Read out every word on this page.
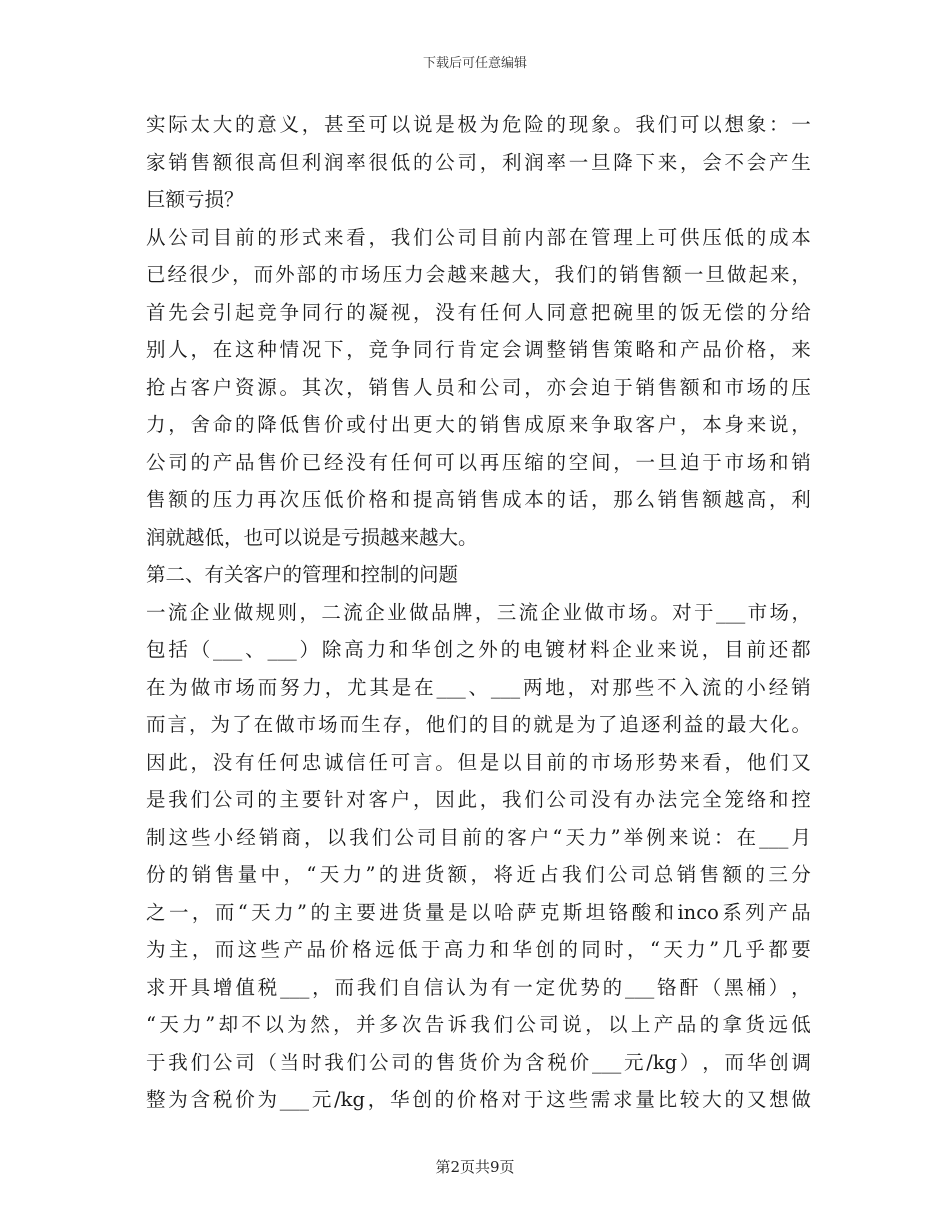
下载后可任意编辑
实 际 太 大 的 意 义 ， 甚 至 可 以 说 是 极 为 危 险 的 现 象 。 我 们 可 以 想 象 ： 一
家 销 售 额 很 高 但 利 润 率 很 低 的 公 司 ， 利 润 率 一 旦 降 下 来 ， 会 不 会 产 生
巨额亏损？
从 公 司 目 前 的 形 式 来 看 ， 我 们 公 司 目 前 内 部 在 管 理 上 可 供 压 低 的 成 本
已 经 很 少 ， 而 外 部 的 市 场 压 力 会 越 来 越 大 ， 我 们 的 销 售 额 一 旦 做 起 来 ，
首 先 会 引 起 竞 争 同 行 的 凝 视 ， 没 有 任 何 人 同 意 把 碗 里 的 饭 无 偿 的 分 给
别 人 ， 在 这 种 情 况 下 ， 竞 争 同 行 肯 定 会 调 整 销 售 策 略 和 产 品 价 格 ， 来
抢 占 客 户 资 源 。 其 次 ， 销 售 人 员 和 公 司 ， 亦 会 迫 于 销 售 额 和 市 场 的 压
力 ， 舍 命 的 降 低 售 价 或 付 出 更 大 的 销 售 成 原 来 争 取 客 户 ， 本 身 来 说 ，
公 司 的 产 品 售 价 已 经 没 有 任 何 可 以 再 压 缩 的 空 间 ， 一 旦 迫 于 市 场 和 销
售 额 的 压 力 再 次 压 低 价 格 和 提 高 销 售 成 本 的 话 ， 那 么 销 售 额 越 高 ， 利
润就越低，也可以说是亏损越来越大。
第二、有关客户的管理和控制的问题
一 流 企 业 做 规 则 ， 二 流 企 业 做 品 牌 ， 三 流 企 业 做 市 场 。 对 于 ___ 市 场 ，
包 括 （ ___ 、 ___ ） 除 高 力 和 华 创 之 外 的 电 镀 材 料 企 业 来 说 ， 目 前 还 都
在 为 做 市 场 而 努 力 ， 尤 其 是 在 ___ 、 ___ 两 地 ， 对 那 些 不 入 流 的 小 经 销
而 言 ， 为 了 在 做 市 场 而 生 存 ， 他 们 的 目 的 就 是 为 了 追 逐 利 益 的 最 大 化 。
因 此 ， 没 有 任 何 忠 诚 信 任 可 言 。 但 是 以 目 前 的 市 场 形 势 来 看 ， 他 们 又
是 我 们 公 司 的 主 要 针 对 客 户 ， 因 此 ， 我 们 公 司 没 有 办 法 完 全 笼 络 和 控
制 这 些 小 经 销 商 ， 以 我 们 公 司 目 前 的 客 户 “ 天 力 ” 举 例 来 说 ： 在 ___ 月
份 的 销 售 量 中 ， “ 天 力 ” 的 进 货 额 ， 将 近 占 我 们 公 司 总 销 售 额 的 三 分
之 一 ， 而 “ 天 力 ” 的 主 要 进 货 量 是 以 哈 萨 克 斯 坦 铬 酸 和 inco 系 列 产 品
为 主 ， 而 这 些 产 品 价 格 远 低 于 高 力 和 华 创 的 同 时 ， “ 天 力 ” 几 乎 都 要
求 开 具 增 值 税 ___ ， 而 我 们 自 信 认 为 有 一 定 优 势 的 ___ 铬 酐 （ 黑 桶 ） ，
“ 天 力 ” 却 不 以 为 然 ， 并 多 次 告 诉 我 们 公 司 说 ， 以 上 产 品 的 拿 货 远 低
于 我 们 公 司 （ 当 时 我 们 公 司 的 售 货 价 为 含 税 价 ___ 元 /kg ） ， 而 华 创 调
整 为 含 税 价 为 ___ 元 /kg ， 华 创 的 价 格 对 于 这 些 需 求 量 比 较 大 的 又 想 做
第2页共9页
